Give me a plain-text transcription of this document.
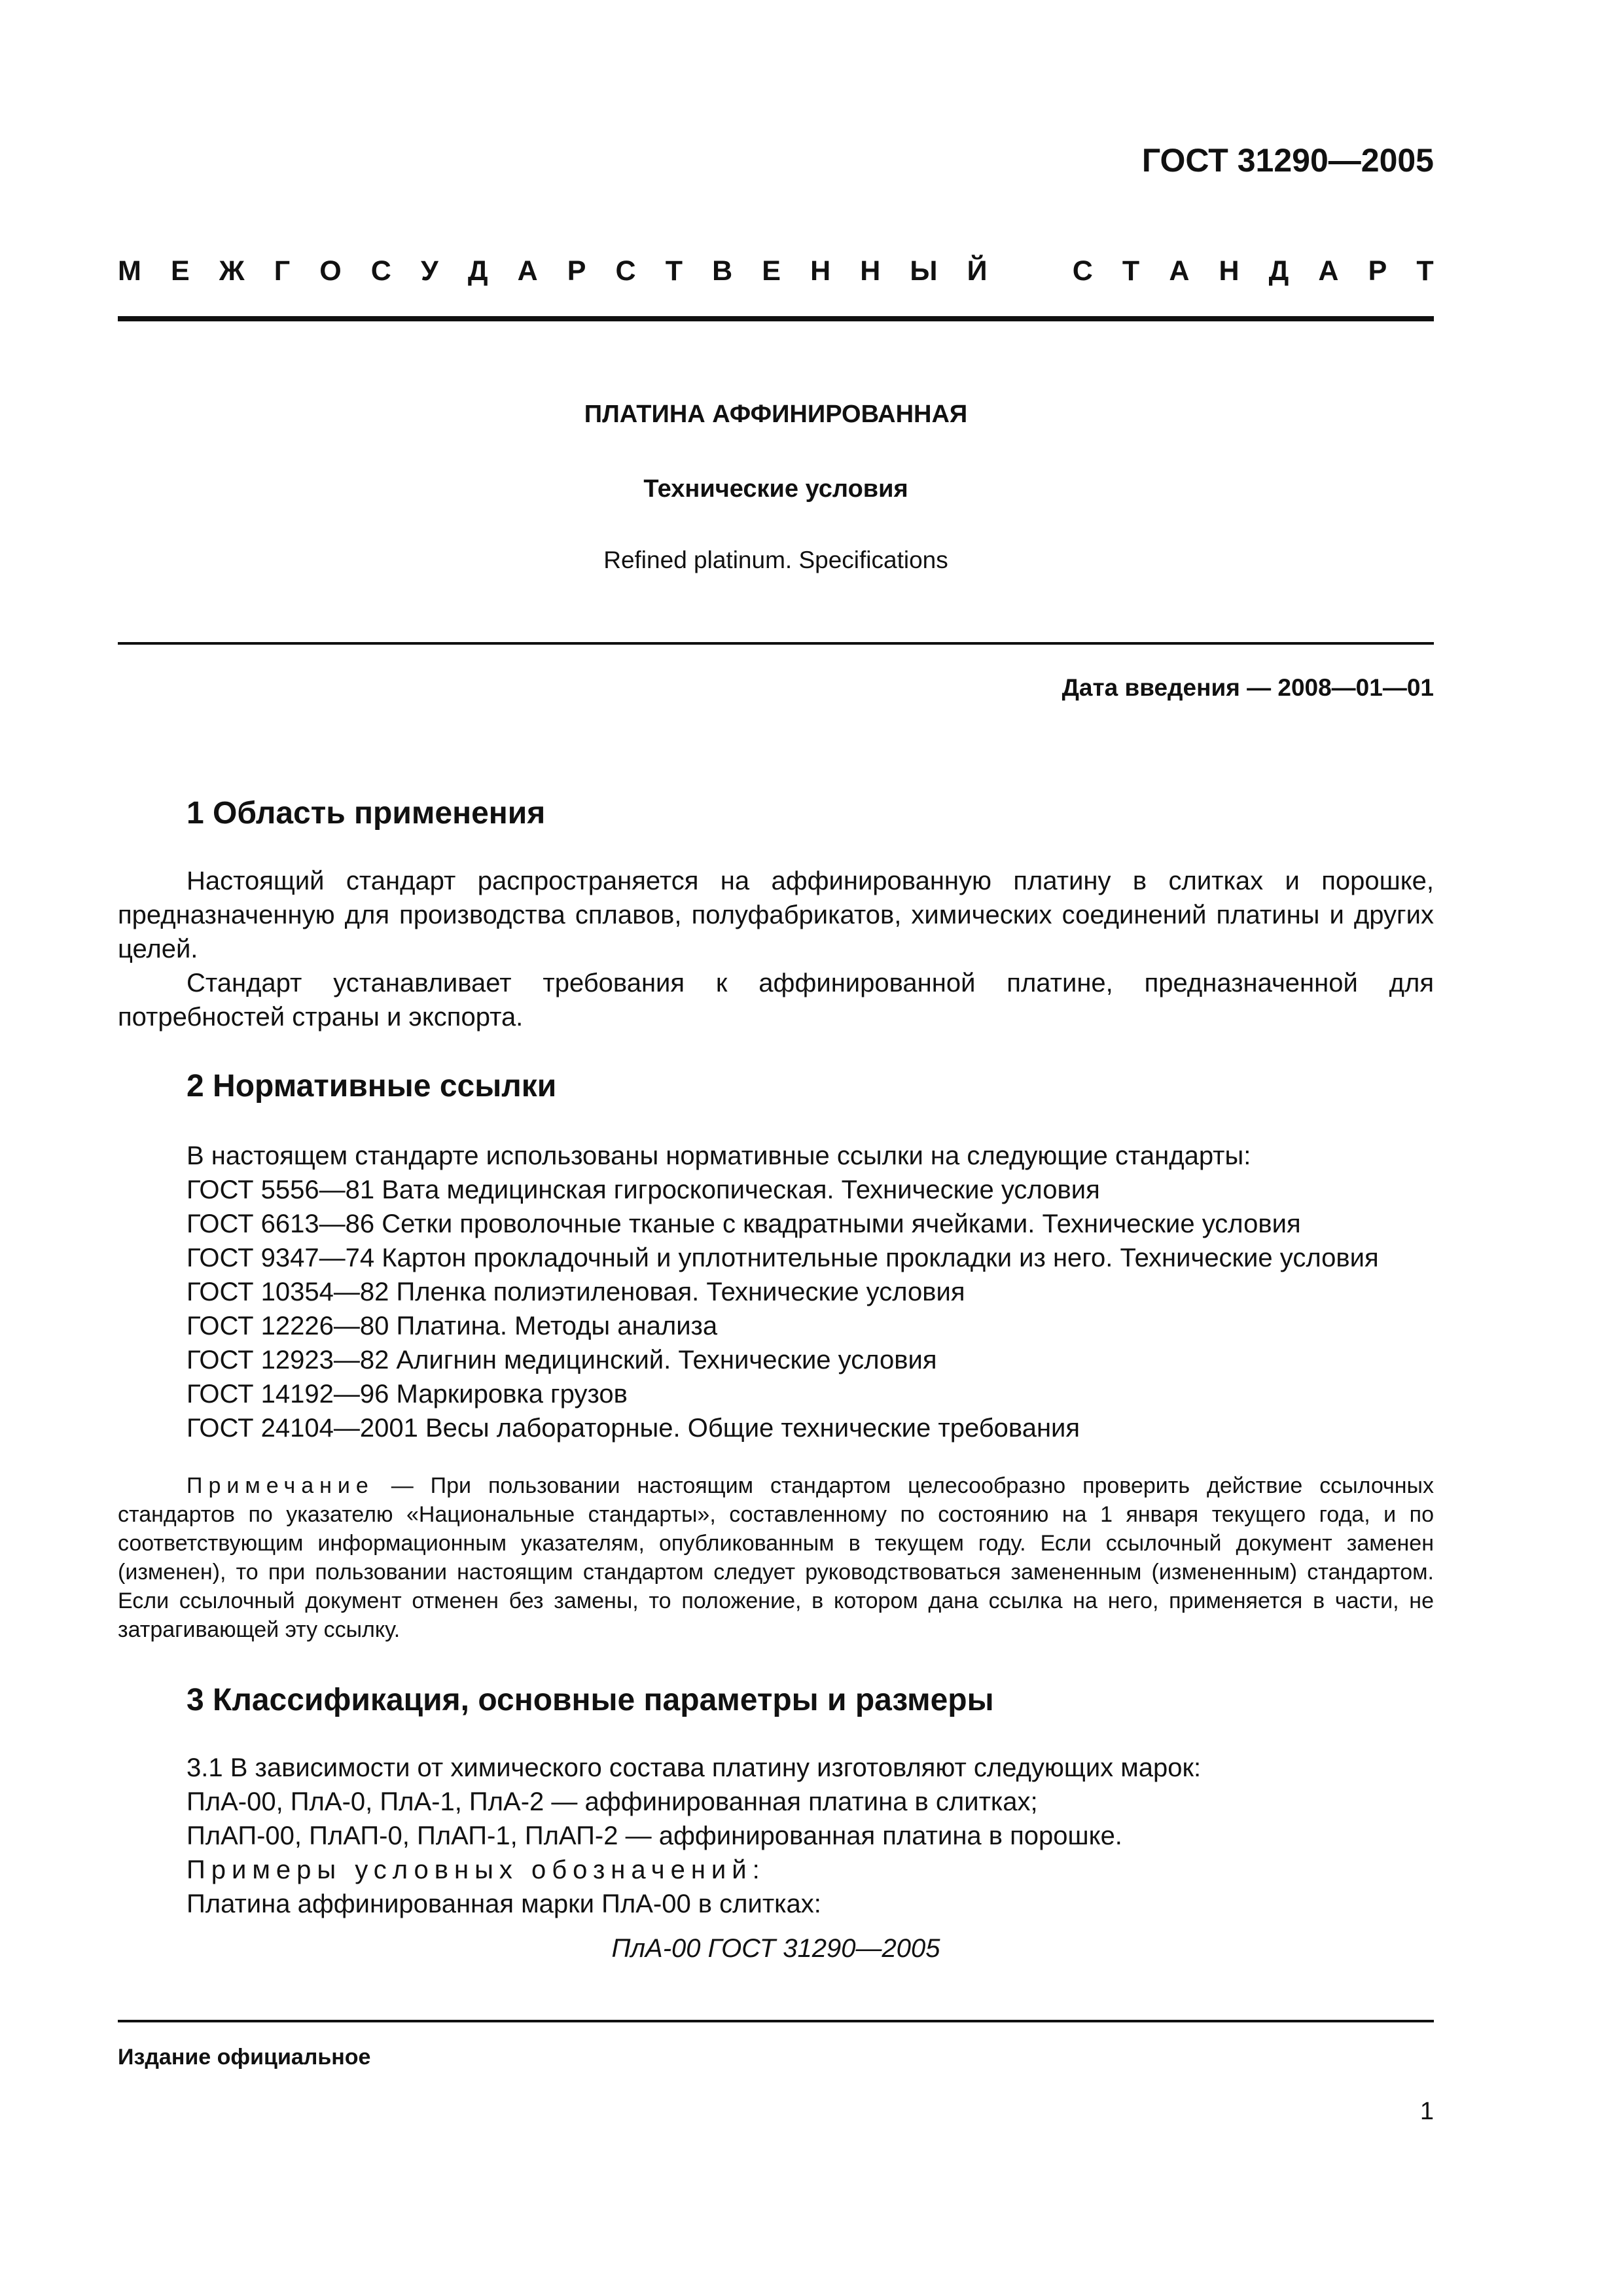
ГОСТ 31290—2005
М Е Ж Г О С У Д А Р С Т В Е Н Н Ы Й	С Т А Н Д А Р Т
ПЛАТИНА АФФИНИРОВАННАЯ
Технические условия
Refined platinum. Specifications
Дата введения — 2008—01—01
1 Область применения

Настоящий стандарт распространяется на аффинированную платину в слитках и порошке, предназначенную для производства сплавов, полуфабрикатов, химических соединений платины и других целей.

Стандарт устанавливает требования к аффинированной платине, предназначенной для потребностей страны и экспорта.

2 Нормативные ссылки
В настоящем стандарте использованы нормативные ссылки на следующие стандарты:
ГОСТ 5556—81 Вата медицинская гигроскопическая. Технические условия
ГОСТ 6613—86 Сетки проволочные тканые с квадратными ячейками. Технические условия
ГОСТ 9347—74 Картон прокладочный и уплотнительные прокладки из него. Технические условия
ГОСТ 10354—82 Пленка полиэтиленовая. Технические условия
ГОСТ 12226—80 Платина. Методы анализа
ГОСТ 12923—82 Алигнин медицинский. Технические условия
ГОСТ 14192—96 Маркировка грузов
ГОСТ 24104—2001 Весы лабораторные. Общие технические требования

Примечание — При пользовании настоящим стандартом целесообразно проверить действие ссылочных стандартов по указателю «Национальные стандарты», составленному по состоянию на 1 января текущего года, и по соответствующим информационным указателям, опубликованным в текущем году. Если ссылочный документ заменен (изменен), то при пользовании настоящим стандартом следует руководствоваться замененным (измененным) стандартом. Если ссылочный документ отменен без замены, то положение, в котором дана ссылка на него, применяется в части, не затрагивающей эту ссылку.

3 Классификация, основные параметры и размеры
3.1 В зависимости от химического состава платину изготовляют следующих марок:
ПлА-00, ПлА-0, ПлА-1, ПлА-2 — аффинированная платина в слитках;
ПлАП-00, ПлАП-0, ПлАП-1, ПлАП-2 — аффинированная платина в порошке.
Примеры условных обозначений:
Платина аффинированная марки ПлА-00 в слитках:
ПлА-00 ГОСТ 31290—2005
Издание официальное
1
